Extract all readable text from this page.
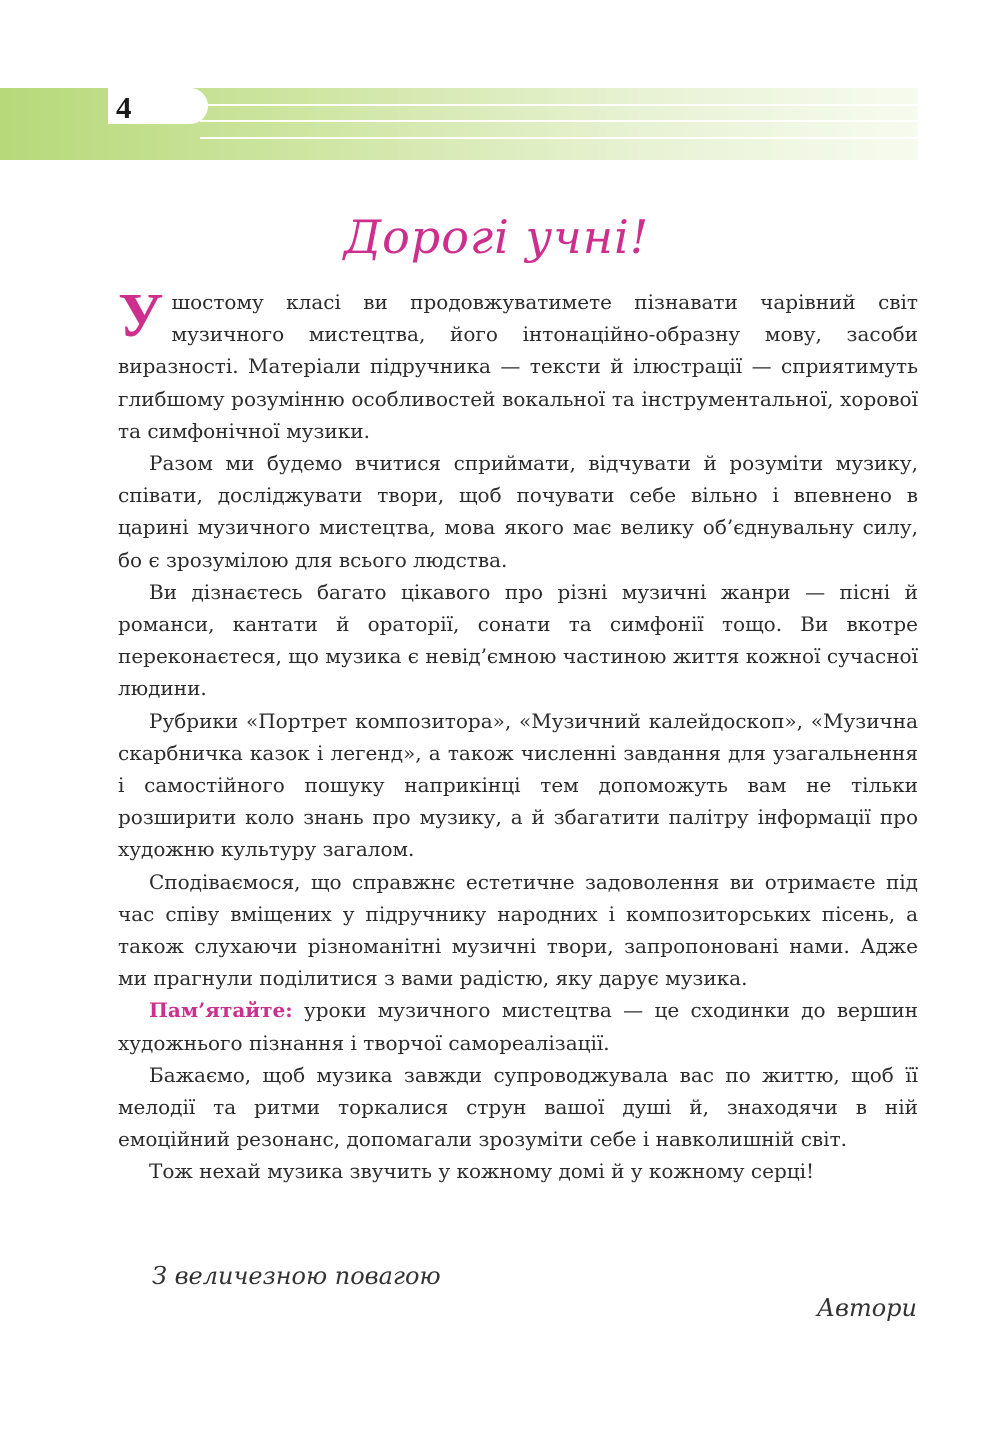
4
Дорогі учні!

Ушостому класі ви продовжуватимете пізнавати чарівний світ музичного мистецтва, його інтонаційно-образну мову, засоби виразності. Матеріали підручника — тексти й ілюстрації — сприятимуть глибшому розумінню особливостей вокальної та інструментальної, хорової та симфонічної музики.

Разом ми будемо вчитися сприймати, відчувати й розуміти музику, співати, досліджувати твори, щоб почувати себе вільно і впевнено в царині музичного мистецтва, мова якого має велику об’єднувальну силу, бо є зрозумілою для всього людства.

Ви дізнаєтесь багато цікавого про різні музичні жанри — пісні й романси, кантати й ораторії, сонати та симфонії тощо. Ви вкотре переконаєтеся, що музика є невід’ємною частиною життя кожної сучасної людини.

Рубрики «Портрет композитора», «Музичний калейдоскоп», «Музична скарбничка казок і легенд», а також численні завдання для узагальнення і самостійного пошуку наприкінці тем допоможуть вам не тільки розширити коло знань про музику, а й збагатити палітру інформації про художню культуру загалом.

Сподіваємося, що справжнє естетичне задоволення ви отримаєте під час співу вміщених у підручнику народних і композиторських пісень, а також слухаючи різноманітні музичні твори, запропоновані нами. Адже ми прагнули поділитися з вами радістю, яку дарує музика.

Пам’ятайте: уроки музичного мистецтва — це сходинки до вершин художнього пізнання і творчої самореалізації.

Бажаємо, щоб музика завжди супроводжувала вас по життю, щоб її мелодії та ритми торкалися струн вашої душі й, знаходячи в ній емоційний резонанс, допомагали зрозуміти себе і навколишній світ.

Тож нехай музика звучить у кожному домі й у кожному серці!

З величезною повагою
Автори
